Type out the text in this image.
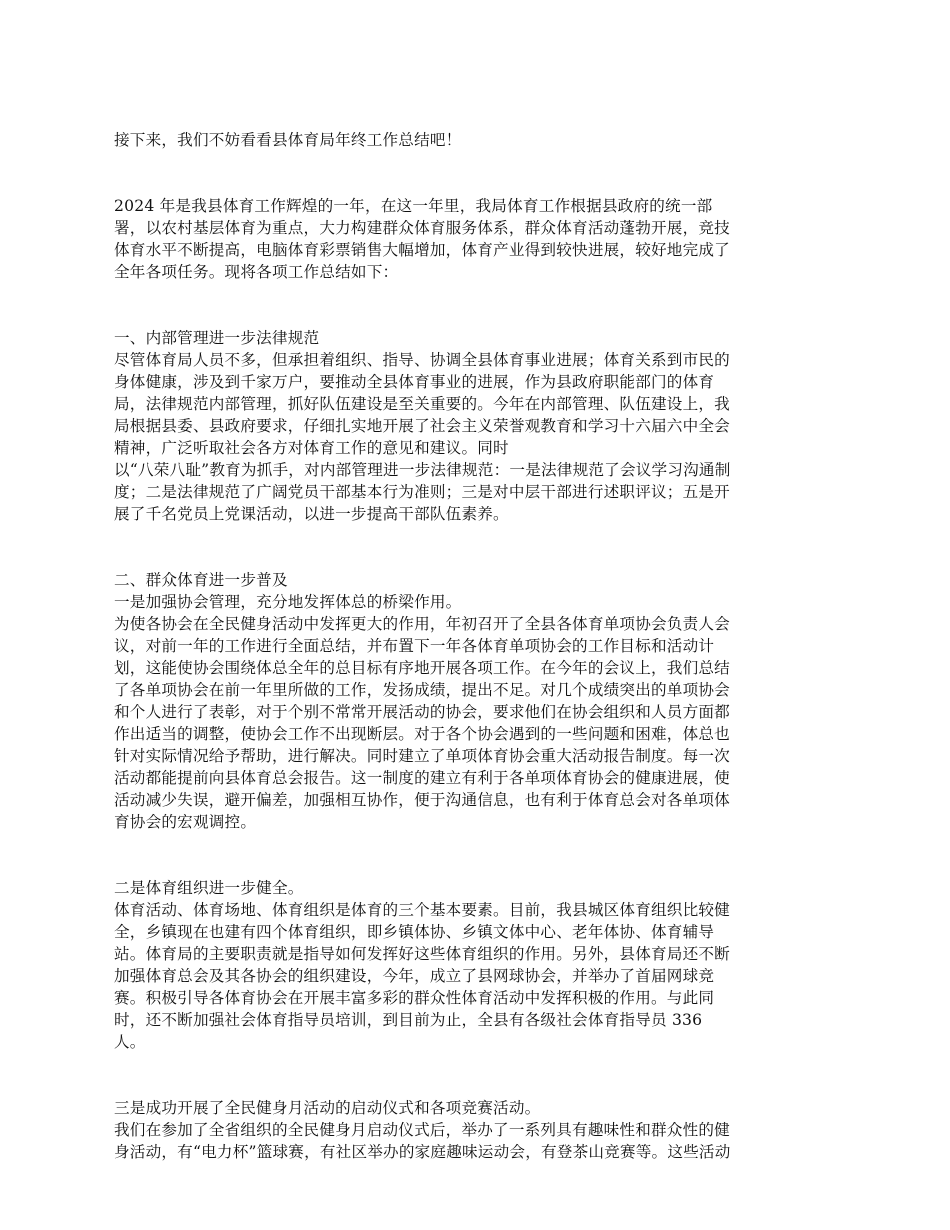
接下来，我们不妨看看县体育局年终工作总结吧！
2024 年是我县体育工作辉煌的一年，在这一年里，我局体育工作根据县政府的统一部
署，以农村基层体育为重点，大力构建群众体育服务体系，群众体育活动蓬勃开展，竞技
体育水平不断提高，电脑体育彩票销售大幅增加，体育产业得到较快进展，较好地完成了
全年各项任务。现将各项工作总结如下：
一、内部管理进一步法律规范
尽管体育局人员不多，但承担着组织、指导、协调全县体育事业进展；体育关系到市民的
身体健康，涉及到千家万户，要推动全县体育事业的进展，作为县政府职能部门的体育
局，法律规范内部管理，抓好队伍建设是至关重要的。今年在内部管理、队伍建设上，我
局根据县委、县政府要求，仔细扎实地开展了社会主义荣誉观教育和学习十六届六中全会
精神，广泛听取社会各方对体育工作的意见和建议。同时
以“八荣八耻”教育为抓手，对内部管理进一步法律规范：一是法律规范了会议学习沟通制
度；二是法律规范了广阔党员干部基本行为准则；三是对中层干部进行述职评议；五是开
展了千名党员上党课活动，以进一步提高干部队伍素养。
二、群众体育进一步普及
一是加强协会管理，充分地发挥体总的桥梁作用。
为使各协会在全民健身活动中发挥更大的作用，年初召开了全县各体育单项协会负责人会
议，对前一年的工作进行全面总结，并布置下一年各体育单项协会的工作目标和活动计
划，这能使协会围绕体总全年的总目标有序地开展各项工作。在今年的会议上，我们总结
了各单项协会在前一年里所做的工作，发扬成绩，提出不足。对几个成绩突出的单项协会
和个人进行了表彰，对于个别不常常开展活动的协会，要求他们在协会组织和人员方面都
作出适当的调整，使协会工作不出现断层。对于各个协会遇到的一些问题和困难，体总也
针对实际情况给予帮助，进行解决。同时建立了单项体育协会重大活动报告制度。每一次
活动都能提前向县体育总会报告。这一制度的建立有利于各单项体育协会的健康进展，使
活动减少失误，避开偏差，加强相互协作，便于沟通信息，也有利于体育总会对各单项体
育协会的宏观调控。
二是体育组织进一步健全。
体育活动、体育场地、体育组织是体育的三个基本要素。目前，我县城区体育组织比较健
全，乡镇现在也建有四个体育组织，即乡镇体协、乡镇文体中心、老年体协、体育辅导
站。体育局的主要职责就是指导如何发挥好这些体育组织的作用。另外，县体育局还不断
加强体育总会及其各协会的组织建设，今年，成立了县网球协会，并举办了首届网球竞
赛。积极引导各体育协会在开展丰富多彩的群众性体育活动中发挥积极的作用。与此同
时，还不断加强社会体育指导员培训，到目前为止，全县有各级社会体育指导员 336
人。
三是成功开展了全民健身月活动的启动仪式和各项竞赛活动。
我们在参加了全省组织的全民健身月启动仪式后，举办了一系列具有趣味性和群众性的健
身活动，有“电力杯”篮球赛，有社区举办的家庭趣味运动会，有登茶山竞赛等。这些活动
